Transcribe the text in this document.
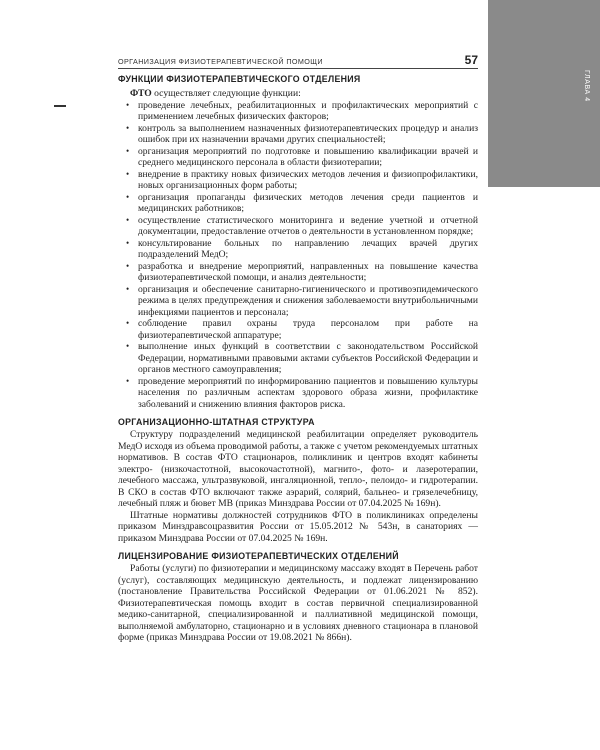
ГЛАВА 4
ОРГАНИЗАЦИЯ ФИЗИОТЕРАПЕВТИЧЕСКОЙ ПОМОЩИ	57
ФУНКЦИИ ФИЗИОТЕРАПЕВТИЧЕСКОГО ОТДЕЛЕНИЯ

ФТО осуществляет следующие функции:

• проведение лечебных, реабилитационных и профилактических мероприятий с применением лечебных физических факторов;
• контроль за выполнением назначенных физиотерапевтических процедур и анализ ошибок при их назначении врачами других специальностей;
• организация мероприятий по подготовке и повышению квалификации врачей и среднего медицинского персонала в области физиотерапии;
• внедрение в практику новых физических методов лечения и физиопрофилактики, новых организационных форм работы;
• организация пропаганды физических методов лечения среди пациентов и медицинских работников;
• осуществление статистического мониторинга и ведение учетной и отчетной документации, предоставление отчетов о деятельности в установленном порядке;
• консультирование больных по направлению лечащих врачей других подразделений МедО;
• разработка и внедрение мероприятий, направленных на повышение качества физиотерапевтической помощи, и анализ деятельности;
• организация и обеспечение санитарно-гигиенического и противоэпидемического режима в целях предупреждения и снижения заболеваемости внутрибольничными инфекциями пациентов и персонала;
• соблюдение правил охраны труда персоналом при работе на физиотерапевтической аппаратуре;
• выполнение иных функций в соответствии с законодательством Российской Федерации, нормативными правовыми актами субъектов Российской Федерации и органов местного самоуправления;
• проведение мероприятий по информированию пациентов и повышению культуры населения по различным аспектам здорового образа жизни, профилактике заболеваний и снижению влияния факторов риска.
ОРГАНИЗАЦИОННО-ШТАТНАЯ СТРУКТУРА

Структуру подразделений медицинской реабилитации определяет руководитель МедО исходя из объема проводимой работы, а также с учетом рекомендуемых штатных нормативов. В состав ФТО стационаров, поликлиник и центров входят кабинеты электро- (низкочастотной, высокочастотной), магнито-, фото- и лазеротерапии, лечебного массажа, ультразвуковой, ингаляционной, тепло-, пелоидо- и гидротерапии. В СКО в состав ФТО включают также аэрарий, солярий, бальнео- и грязелечебницу, лечебный пляж и бювет МВ (приказ Минздрава России от 07.04.2025 № 169н).

Штатные нормативы должностей сотрудников ФТО в поликлиниках определены приказом Минздравсоцразвития России от 15.05.2012 № 543н, в санаториях — приказом Минздрава России от 07.04.2025 № 169н.

ЛИЦЕНЗИРОВАНИЕ ФИЗИОТЕРАПЕВТИЧЕСКИХ ОТДЕЛЕНИЙ

Работы (услуги) по физиотерапии и медицинскому массажу входят в Перечень работ (услуг), составляющих медицинскую деятельность, и подлежат лицензированию (постановление Правительства Российской Федерации от 01.06.2021 № 852). Физиотерапевтическая помощь входит в состав первичной специализированной медико-санитарной, специализированной и паллиативной медицинской помощи, выполняемой амбулаторно, стационарно и в условиях дневного стационара в плановой форме (приказ Минздрава России от 19.08.2021 № 866н).
